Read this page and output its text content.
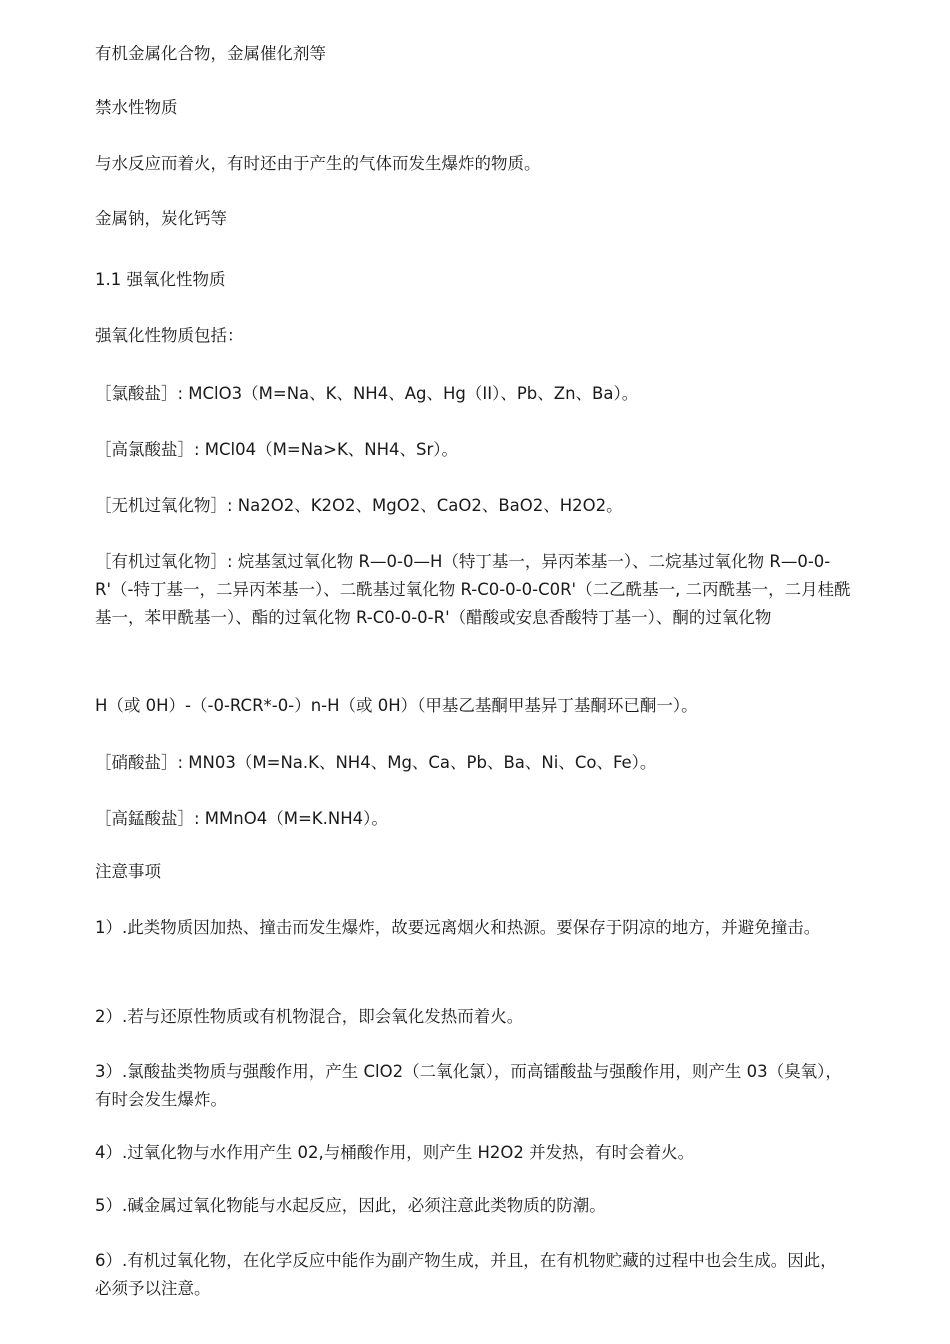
有机金属化合物，金属催化剂等

禁水性物质

与水反应而着火，有时还由于产生的气体而发生爆炸的物质。

金属钠，炭化钙等

1.1 强氧化性物质

强氧化性物质包括：

［氯酸盐］: MClO3（M=Na、K、NH4、Ag、Hg（II）、Pb、Zn、Ba）。

［高氯酸盐］: MCl04（M=Na>K、NH4、Sr）。

［无机过氧化物］: Na2O2、K2O2、MgO2、CaO2、BaO2、H2O2。

［有机过氧化物］: 烷基氢过氧化物 R—0-0—H（特丁基一，异丙苯基一）、二烷基过氧化物 R—0-0-R'（-特丁基一，二异丙苯基一）、二酰基过氧化物 R-C0-0-0-C0R'（二乙酰基一, 二丙酰基一，二月桂酰基一，苯甲酰基一）、酯的过氧化物 R-C0-0-0-R'（醋酸或安息香酸特丁基一）、酮的过氧化物

H（或 0H）-（-0-RCR*-0-）n-H（或 0H）（甲基乙基酮甲基异丁基酮环已酮一）。

［硝酸盐］: MN03（M=Na.K、NH4、Mg、Ca、Pb、Ba、Ni、Co、Fe）。

［高錳酸盐］: MMnO4（M=K.NH4）。

注意事项

1）.此类物质因加热、撞击而发生爆炸，故要远离烟火和热源。要保存于阴凉的地方，并避免撞击。

2）.若与还原性物质或有机物混合，即会氧化发热而着火。

3）.氯酸盐类物质与强酸作用，产生 ClO2（二氧化氯），而高镭酸盐与强酸作用，则产生 03（臭氧），有时会发生爆炸。

4）.过氧化物与水作用产生 02,与桶酸作用，则产生 H2O2 并发热，有时会着火。

5）.碱金属过氧化物能与水起反应，因此，必须注意此类物质的防潮。

6）.有机过氧化物，在化学反应中能作为副产物生成，并且，在有机物贮藏的过程中也会生成。因此，必须予以注意。
